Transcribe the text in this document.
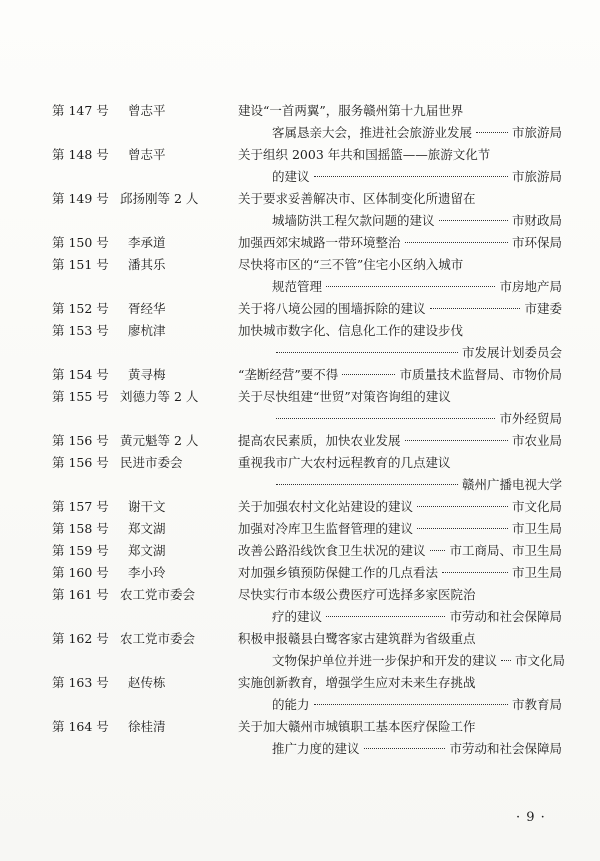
第 147 号	曾志平	建设“一首两翼”，服务赣州第十九届世界
客属恳亲大会，推进社会旅游业发展	市旅游局
第 148 号	曾志平	关于组织 2003 年共和国摇篮——旅游文化节
的建议	市旅游局
第 149 号 邱扬刚等 2 人	关于要求妥善解决市、区体制变化所遗留在
城墙防洪工程欠款问题的建议	市财政局
第 150 号	李承道	加强西郊宋城路一带环境整治	市环保局
第 151 号	潘其乐	尽快将市区的“三不管”住宅小区纳入城市
规范管理	市房地产局
第 152 号	胥经华	关于将八境公园的围墙拆除的建议	市建委
第 153 号	廖杭津	加快城市数字化、信息化工作的建设步伐
市发展计划委员会
第 154 号	黄寻梅	“垄断经营”要不得	市质量技术监督局、市物价局
第 155 号 刘德力等 2 人	关于尽快组建“世贸”对策咨询组的建议
市外经贸局
第 156 号 黄元魁等 2 人	提高农民素质，加快农业发展	市农业局
第 156 号 民进市委会	重视我市广大农村远程教育的几点建议
赣州广播电视大学
第 157 号	谢干文	关于加强农村文化站建设的建议	市文化局
第 158 号	郑文湖	加强对冷库卫生监督管理的建议	市卫生局
第 159 号	郑文湖	改善公路沿线饮食卫生状况的建议 市工商局、市卫生局
第 160 号	李小玲	对加强乡镇预防保健工作的几点看法	市卫生局
第 161 号 农工党市委会	尽快实行市本级公费医疗可选择多家医院治
疗的建议	市劳动和社会保障局
第 162 号 农工党市委会	积极申报赣县白鹭客家古建筑群为省级重点
文物保护单位并进一步保护和开发的建议 市文化局
第 163 号	赵传栋	实施创新教育，增强学生应对未来生存挑战
的能力	市教育局
第 164 号	徐桂清	关于加大赣州市城镇职工基本医疗保险工作
推广力度的建议	市劳动和社会保障局
· 9 ·
